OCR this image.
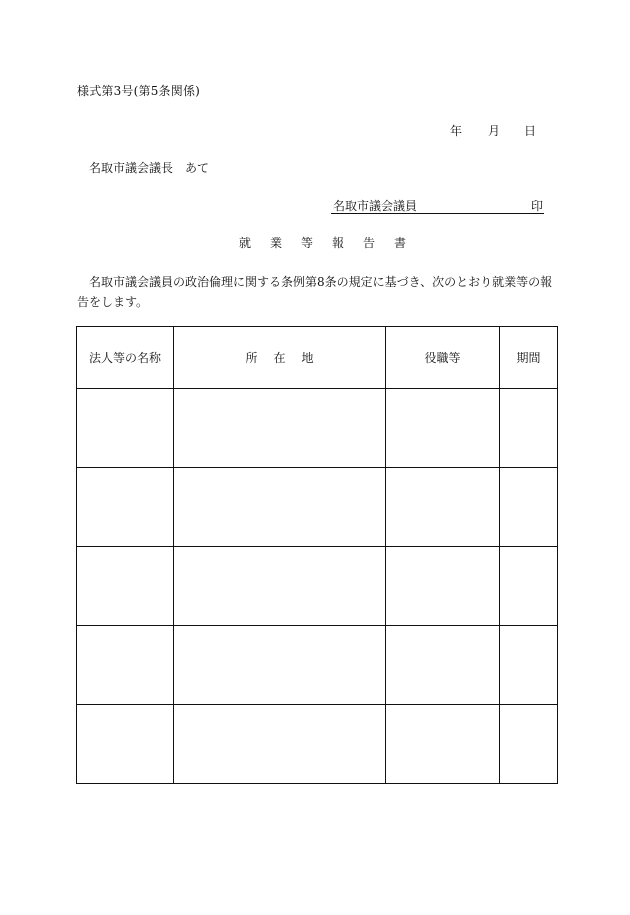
様式第3号(第5条関係)
年	月	日
名取市議会議長 あて
名取市議会議員	印
就業等報告書
名取市議会議員の政治倫理に関する条例第8条の規定に基づき、次のとおり就業等の報告をします。
法人等の名称	所在地	役職等	期間
